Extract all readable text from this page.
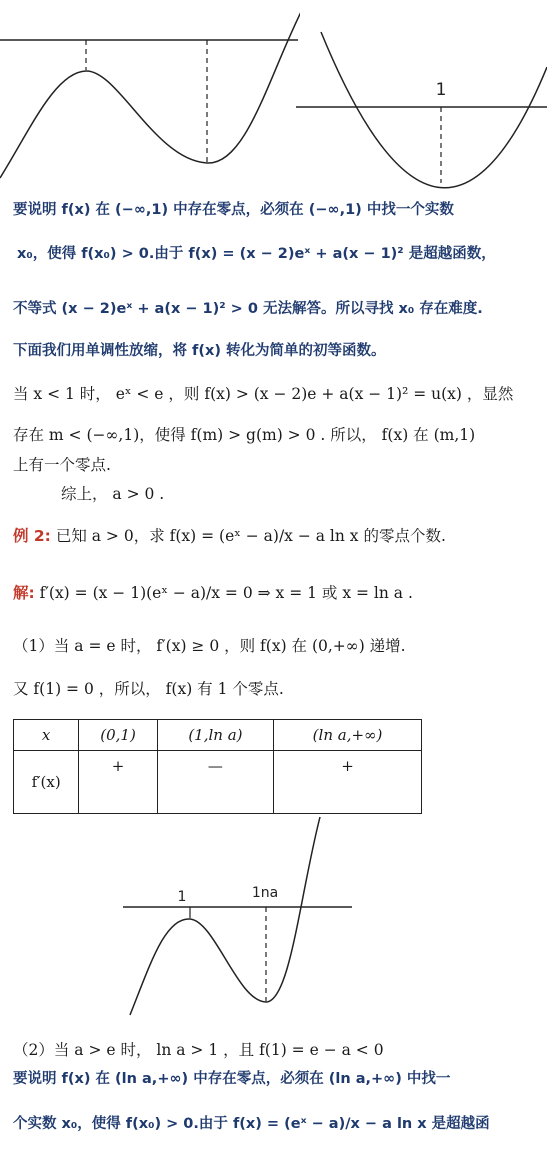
1
要说明 f(x) 在 (−∞,1) 中存在零点，必须在 (−∞,1) 中找一个实数
x₀，使得 f(x₀) > 0.由于 f(x) = (x − 2)eˣ + a(x − 1)² 是超越函数，
不等式 (x − 2)eˣ + a(x − 1)² > 0 无法解答。所以寻找 x₀ 存在难度.
下面我们用单调性放缩，将 f(x) 转化为简单的初等函数。
当 x < 1 时， eˣ < e ，则 f(x) > (x − 2)e + a(x − 1)² = u(x) ，显然
存在 m < (−∞,1)，使得 f(m) > g(m) > 0 . 所以， f(x) 在 (m,1)
上有一个零点.
综上， a > 0 .
例 2: 已知 a > 0，求 f(x) = (eˣ − a)/x − a ln x 的零点个数.
解: f′(x) = (x − 1)(eˣ − a)/x = 0 ⇒ x = 1 或 x = ln a .
（1）当 a = e 时， f′(x) ≥ 0 ，则 f(x) 在 (0,+∞) 递增.
又 f(1) = 0 ，所以， f(x) 有 1 个零点.
x	(0,1)	(1,ln a)	(ln a,+∞)
f′(x)	+	—	+
1	1na
（2）当 a > e 时， ln a > 1 ，且 f(1) = e − a < 0
要说明 f(x) 在 (ln a,+∞) 中存在零点，必须在 (ln a,+∞) 中找一
个实数 x₀，使得 f(x₀) > 0.由于 f(x) = (eˣ − a)/x − a ln x 是超越函
